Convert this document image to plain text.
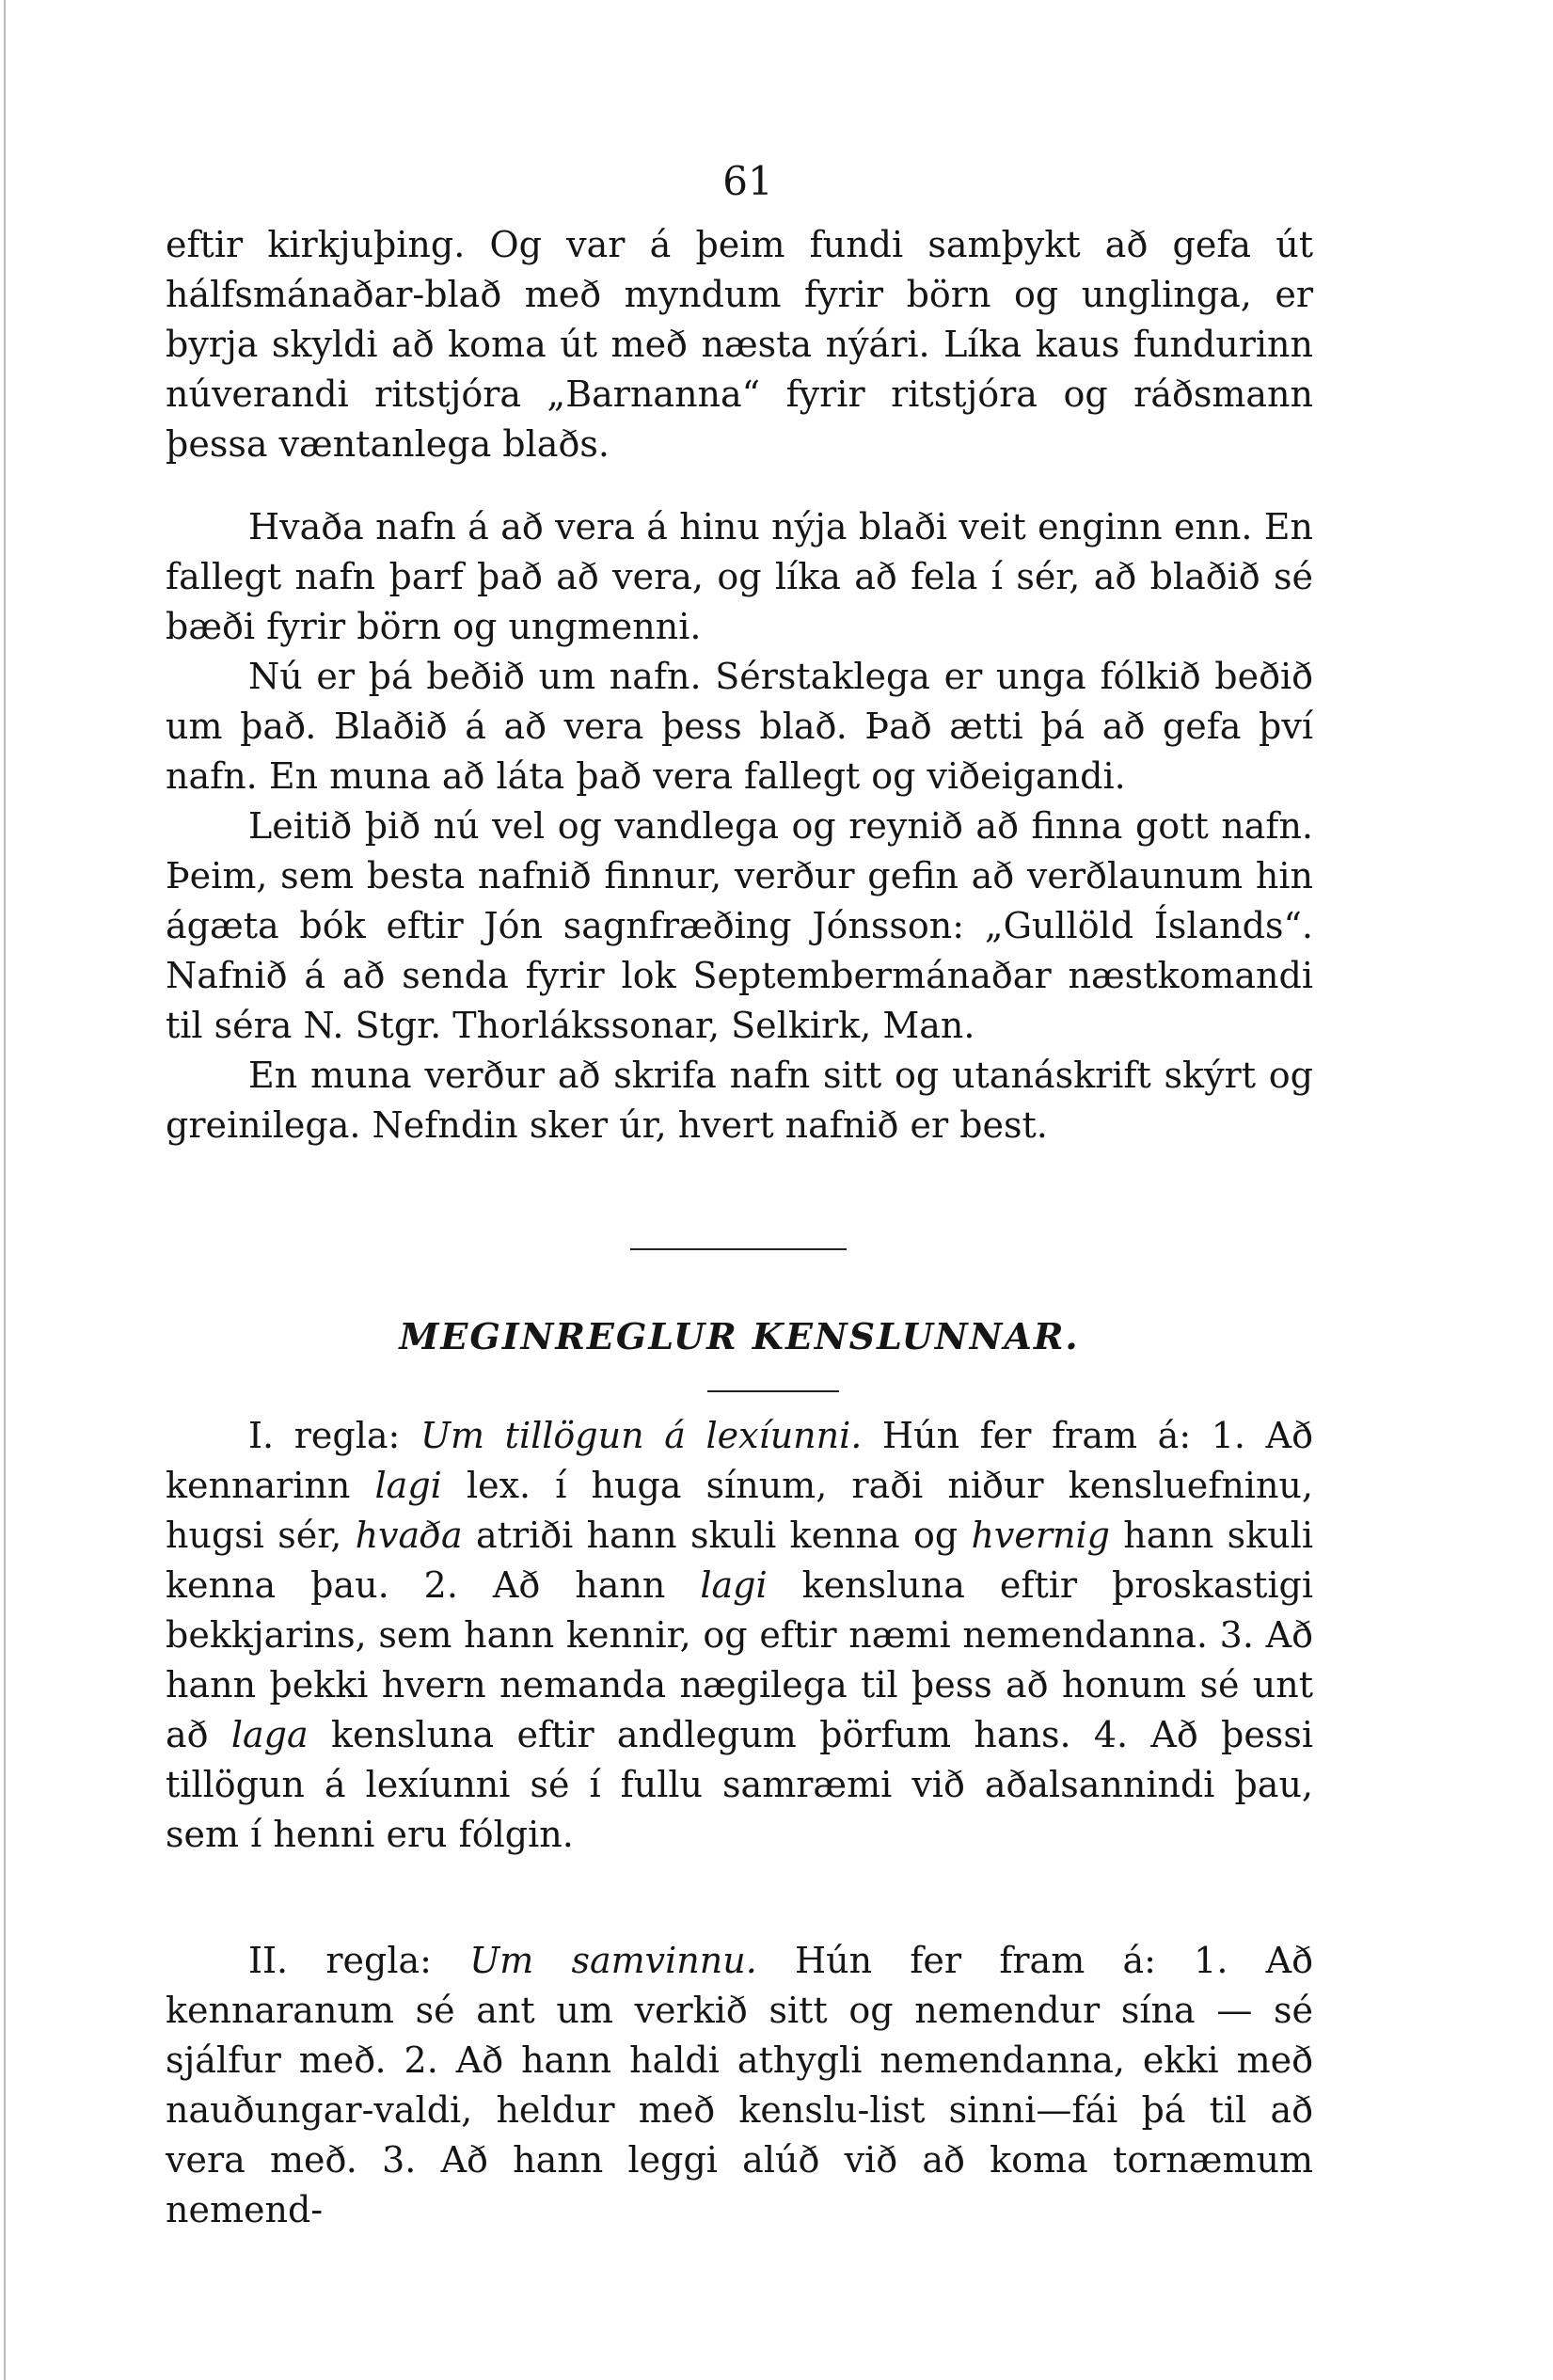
61

eftir kirkjuþing. Og var á þeim fundi samþykt að gefa út hálfsmánaðar-blað með myndum fyrir börn og unglinga, er byrja skyldi að koma út með næsta nýári. Líka kaus fundurinn núverandi ritstjóra „Barnanna“ fyrir ritstjóra og ráðsmann þessa væntanlega blaðs.

Hvaða nafn á að vera á hinu nýja blaði veit enginn enn. En fallegt nafn þarf það að vera, og líka að fela í sér, að blaðið sé bæði fyrir börn og ungmenni.

Nú er þá beðið um nafn. Sérstaklega er unga fólkið beðið um það. Blaðið á að vera þess blað. Það ætti þá að gefa því nafn. En muna að láta það vera fallegt og viðeigandi.

Leitið þið nú vel og vandlega og reynið að finna gott nafn. Þeim, sem besta nafnið finnur, verður gefin að verðlaunum hin ágæta bók eftir Jón sagnfræðing Jónsson: „Gullöld Íslands“. Nafnið á að senda fyrir lok Septembermánaðar næstkomandi til séra N. Stgr. Thorlákssonar, Selkirk, Man.

En muna verður að skrifa nafn sitt og utanáskrift skýrt og greinilega. Nefndin sker úr, hvert nafnið er best.

MEGINREGLUR KENSLUNNAR.

I. regla: Um tillögun á lexíunni. Hún fer fram á: 1. Að kennarinn lagi lex. í huga sínum, raði niður kensluefninu, hugsi sér, hvaða atriði hann skuli kenna og hvernig hann skuli kenna þau. 2. Að hann lagi kensluna eftir þroskastigi bekkjarins, sem hann kennir, og eftir næmi nemendanna. 3. Að hann þekki hvern nemanda nægilega til þess að honum sé unt að laga kensluna eftir andlegum þörfum hans. 4. Að þessi tillögun á lexíunni sé í fullu samræmi við aðalsannindi þau, sem í henni eru fólgin.

II. regla: Um samvinnu. Hún fer fram á: 1. Að kennaranum sé ant um verkið sitt og nemendur sína — sé sjálfur með. 2. Að hann haldi athygli nemendanna, ekki með nauðungar-valdi, heldur með kenslu-list sinni—fái þá til að vera með. 3. Að hann leggi alúð við að koma tornæmum nemend-
